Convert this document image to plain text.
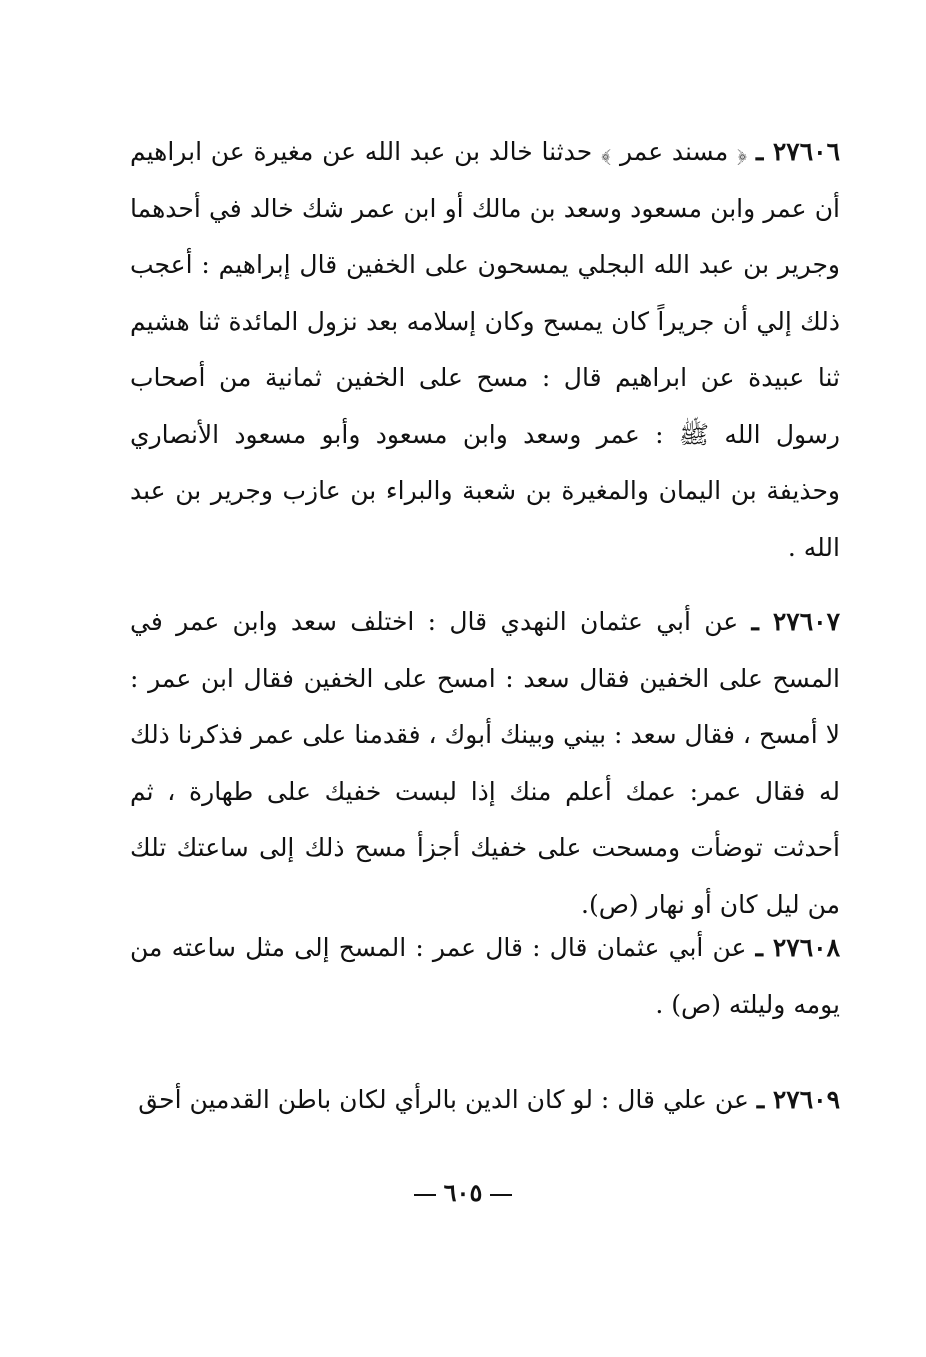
٢٧٦٠٦ ـ ﴿ مسند عمر ﴾ حدثنا خالد بن عبد الله عن مغيرة عن ابراهيم أن عمر وابن مسعود وسعد بن مالك أو ابن عمر شك خالد في أحدهما وجرير بن عبد الله البجلي يمسحون على الخفين قال إبراهيم : أعجب ذلك إلي أن جريراً كان يمسح وكان إسلامه بعد نزول المائدة ثنا هشيم ثنا عبيدة عن ابراهيم قال : مسح على الخفين ثمانية من أصحاب رسول الله ﷺ : عمر وسعد وابن مسعود وأبو مسعود الأنصاري وحذيفة بن اليمان والمغيرة بن شعبة والبراء بن عازب وجرير بن عبد الله .
٢٧٦٠٧ ـ عن أبي عثمان النهدي قال : اختلف سعد وابن عمر في المسح على الخفين فقال سعد : امسح على الخفين فقال ابن عمر : لا أمسح ، فقال سعد : بيني وبينك أبوك ، فقدمنا على عمر فذكرنا ذلك له فقال عمر: عمك أعلم منك إذا لبست خفيك على طهارة ، ثم أحدثت توضأت ومسحت على خفيك أجزأ مسح ذلك إلى ساعتك تلك من ليل كان أو نهار (ص).
٢٧٦٠٨ ـ عن أبي عثمان قال : قال عمر : المسح إلى مثل ساعته من يومه وليلته (ص) .
٢٧٦٠٩ ـ عن علي قال : لو كان الدين بالرأي لكان باطن القدمين أحق
٦٠٥
